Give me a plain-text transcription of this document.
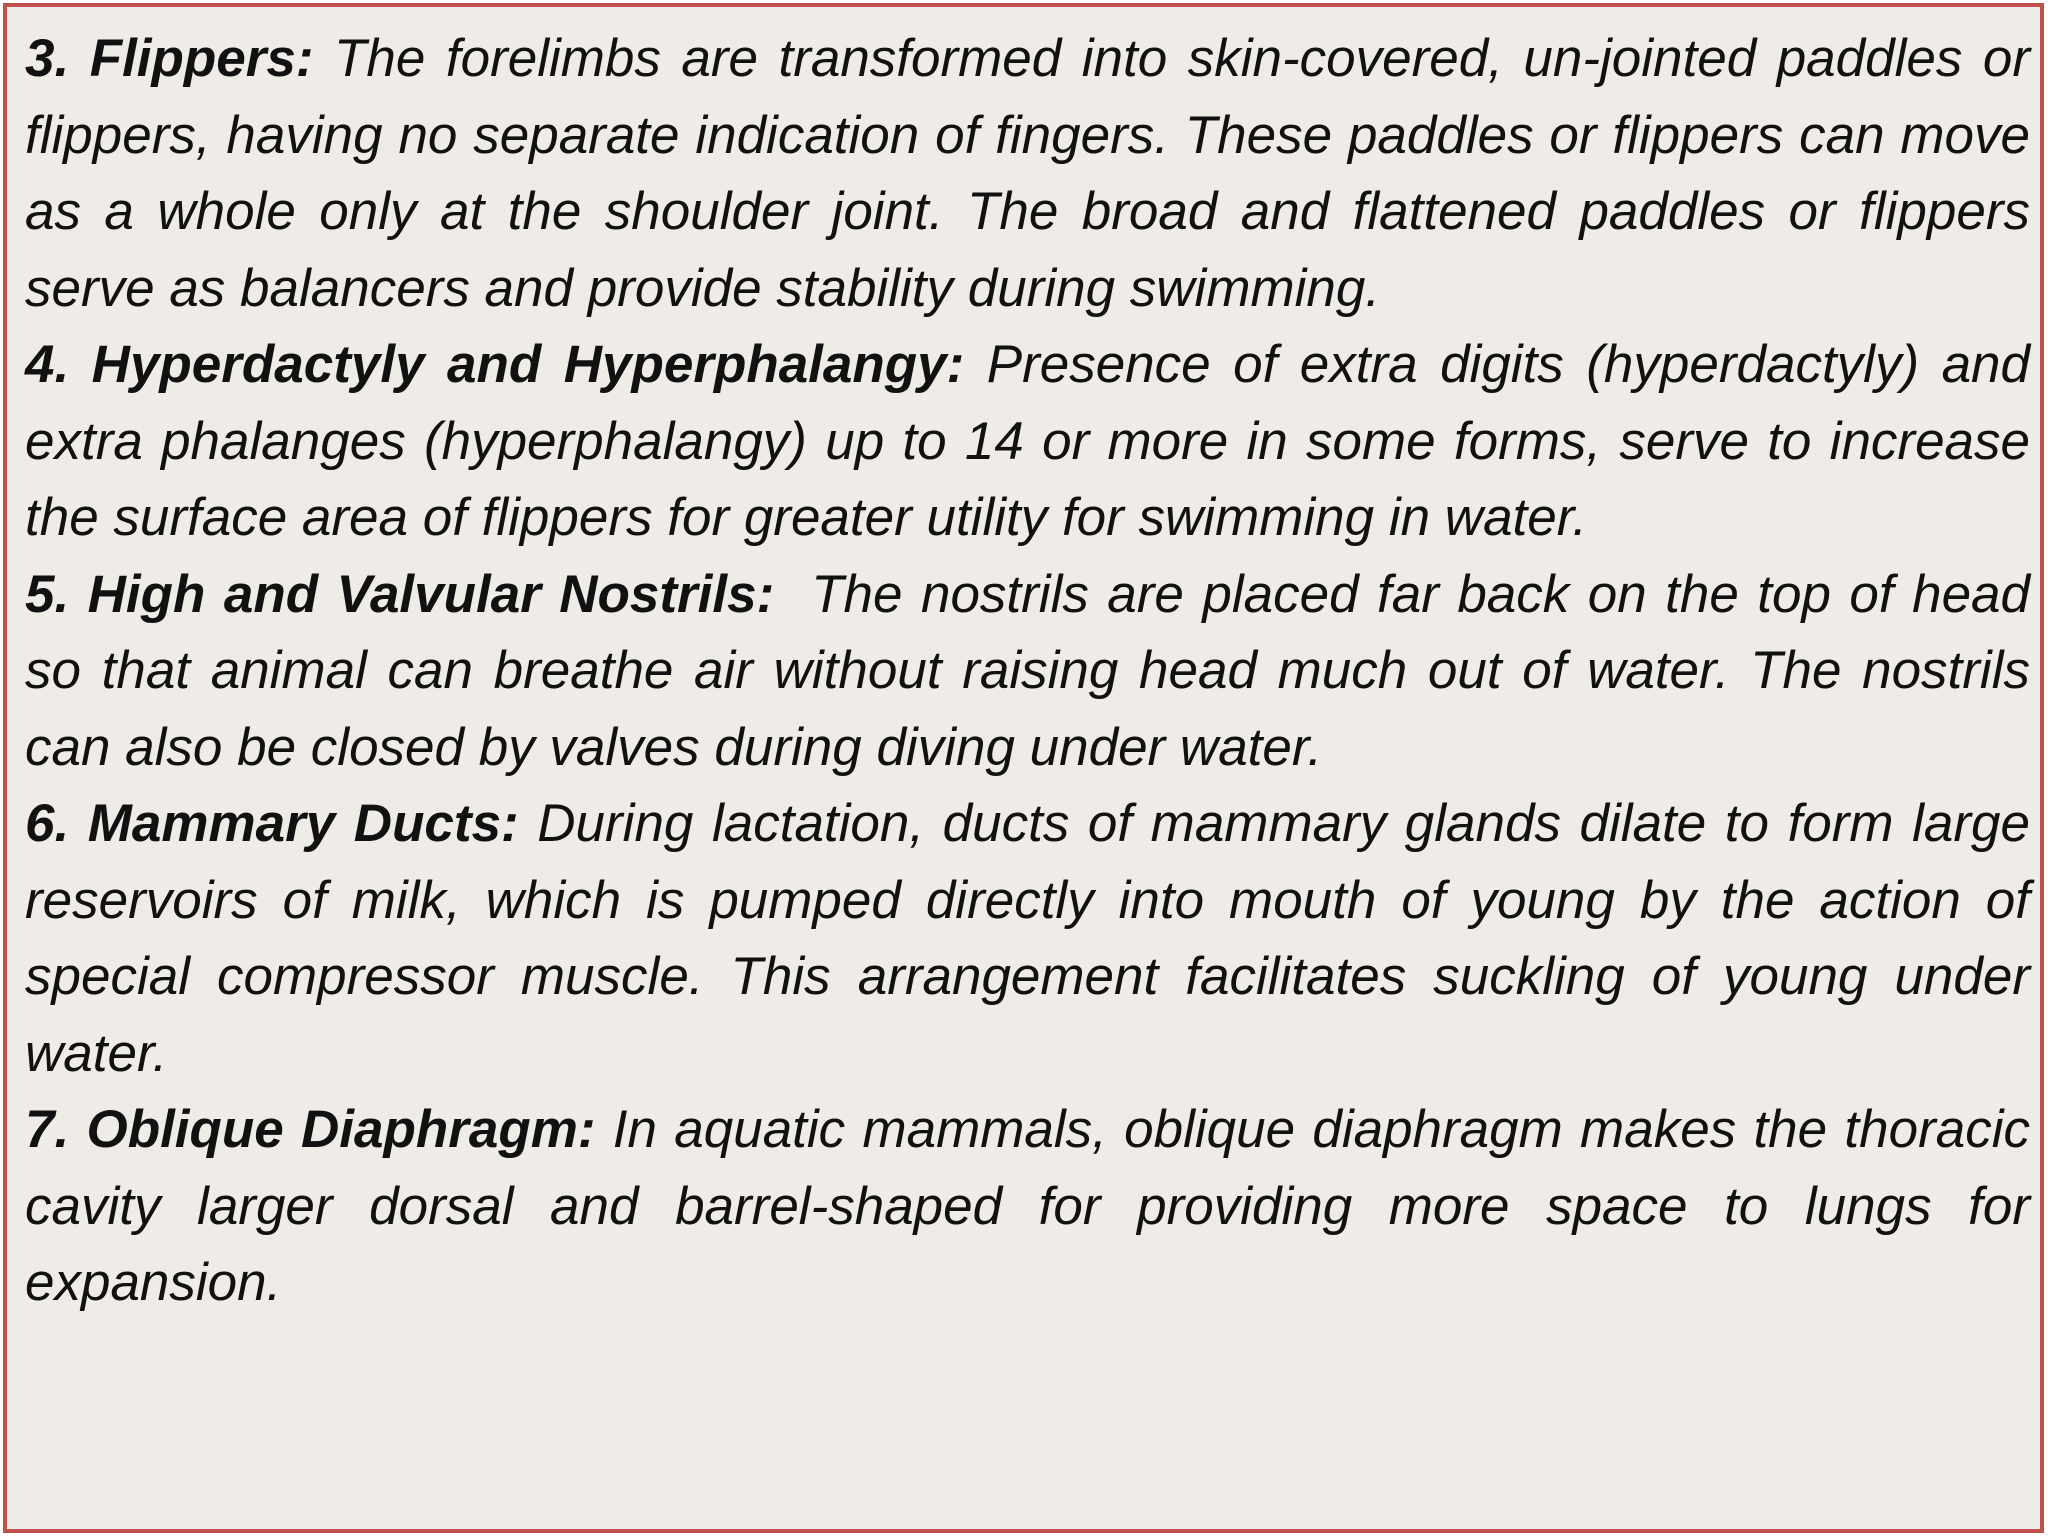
3. Flippers: The forelimbs are transformed into skin-covered, un-jointed paddles or flippers, having no separate indication of fingers. These paddles or flippers can move as a whole only at the shoulder joint. The broad and flattened paddles or flippers serve as balancers and provide stability during swimming.

4. Hyperdactyly and Hyperphalangy: Presence of extra digits (hyperdactyly) and extra phalanges (hyperphalangy) up to 14 or more in some forms, serve to increase the surface area of flippers for greater utility for swimming in water.

5. High and Valvular Nostrils: The nostrils are placed far back on the top of head so that animal can breathe air without raising head much out of water. The nostrils can also be closed by valves during diving under water.

6. Mammary Ducts: During lactation, ducts of mammary glands dilate to form large reservoirs of milk, which is pumped directly into mouth of young by the action of special compressor muscle. This arrangement facilitates suckling of young under water.

7. Oblique Diaphragm: In aquatic mammals, oblique diaphragm makes the thoracic cavity larger dorsal and barrel-shaped for providing more space to lungs for expansion.
